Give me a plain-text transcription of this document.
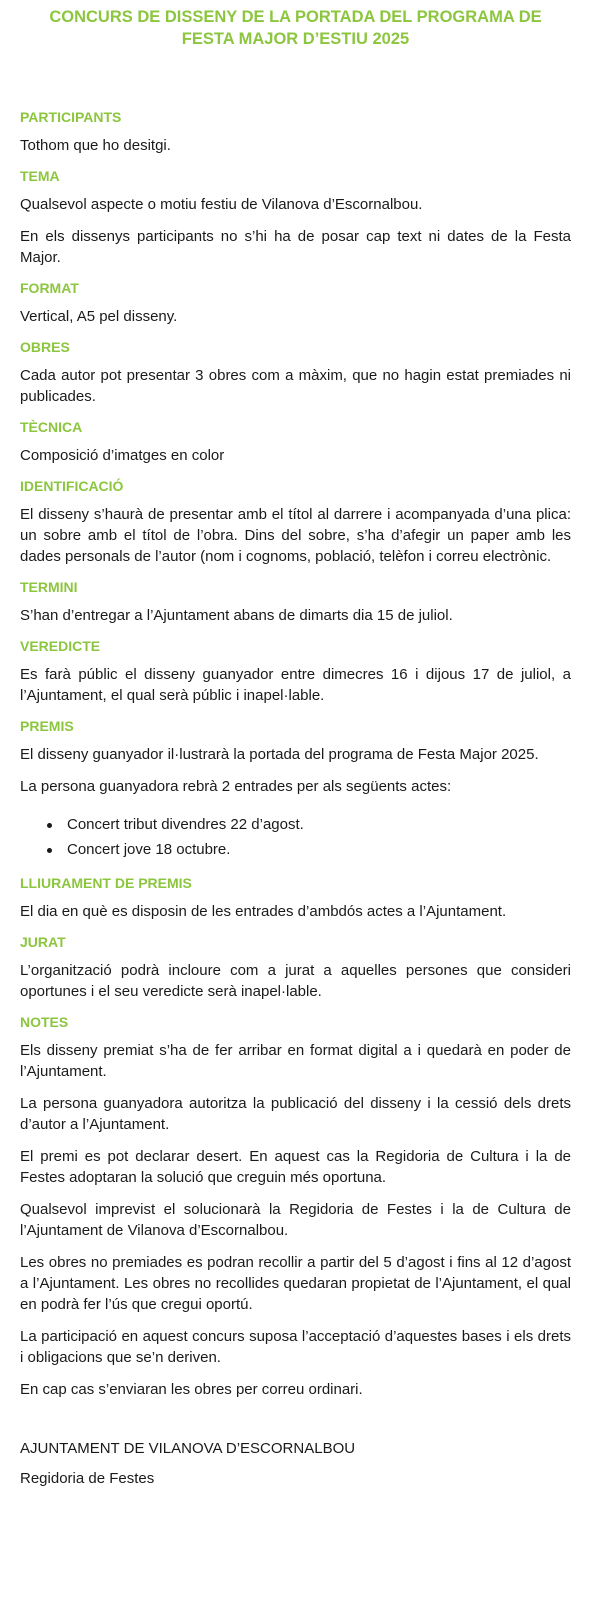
CONCURS DE DISSENY DE LA PORTADA DEL PROGRAMA DE
FESTA MAJOR D’ESTIU 2025
PARTICIPANTS

Tothom que ho desitgi.

TEMA

Qualsevol aspecte o motiu festiu de Vilanova d’Escornalbou.

En els dissenys participants no s’hi ha de posar cap text ni dates de la Festa Major.

FORMAT

Vertical, A5 pel disseny.

OBRES

Cada autor pot presentar 3 obres com a màxim, que no hagin estat premiades ni publicades.

TÈCNICA

Composició d’imatges en color

IDENTIFICACIÓ

El disseny s’haurà de presentar amb el títol al darrere i acompanyada d’una plica: un sobre amb el títol de l’obra. Dins del sobre, s’ha d’afegir un paper amb les dades personals de l’autor (nom i cognoms, població, telèfon i correu electrònic.

TERMINI

S’han d’entregar a l’Ajuntament abans de dimarts dia 15 de juliol.

VEREDICTE

Es farà públic el disseny guanyador entre dimecres 16 i dijous 17 de juliol, a l’Ajuntament, el qual serà públic i inapel·lable.

PREMIS

El disseny guanyador il·lustrarà la portada del programa de Festa Major 2025.

La persona guanyadora rebrà 2 entrades per als següents actes:

Concert tribut divendres 22 d’agost.
Concert jove 18 octubre.
LLIURAMENT DE PREMIS

El dia en què es disposin de les entrades d’ambdós actes a l’Ajuntament.

JURAT

L’organització podrà incloure com a jurat a aquelles persones que consideri oportunes i el seu veredicte serà inapel·lable.

NOTES

Els disseny premiat s’ha de fer arribar en format digital a i quedarà en poder de l’Ajuntament.

La persona guanyadora autoritza la publicació del disseny i la cessió dels drets d’autor a l’Ajuntament.

El premi es pot declarar desert. En aquest cas la Regidoria de Cultura i la de Festes adoptaran la solució que creguin més oportuna.

Qualsevol imprevist el solucionarà la Regidoria de Festes i la de Cultura de l’Ajuntament de Vilanova d’Escornalbou.

Les obres no premiades es podran recollir a partir del 5 d’agost i fins al 12 d’agost a l’Ajuntament. Les obres no recollides quedaran propietat de l’Ajuntament, el qual en podrà fer l’ús que cregui oportú.

La participació en aquest concurs suposa l’acceptació d’aquestes bases i els drets i obligacions que se’n deriven.

En cap cas s’enviaran les obres per correu ordinari.

AJUNTAMENT DE VILANOVA D’ESCORNALBOU

Regidoria de Festes
